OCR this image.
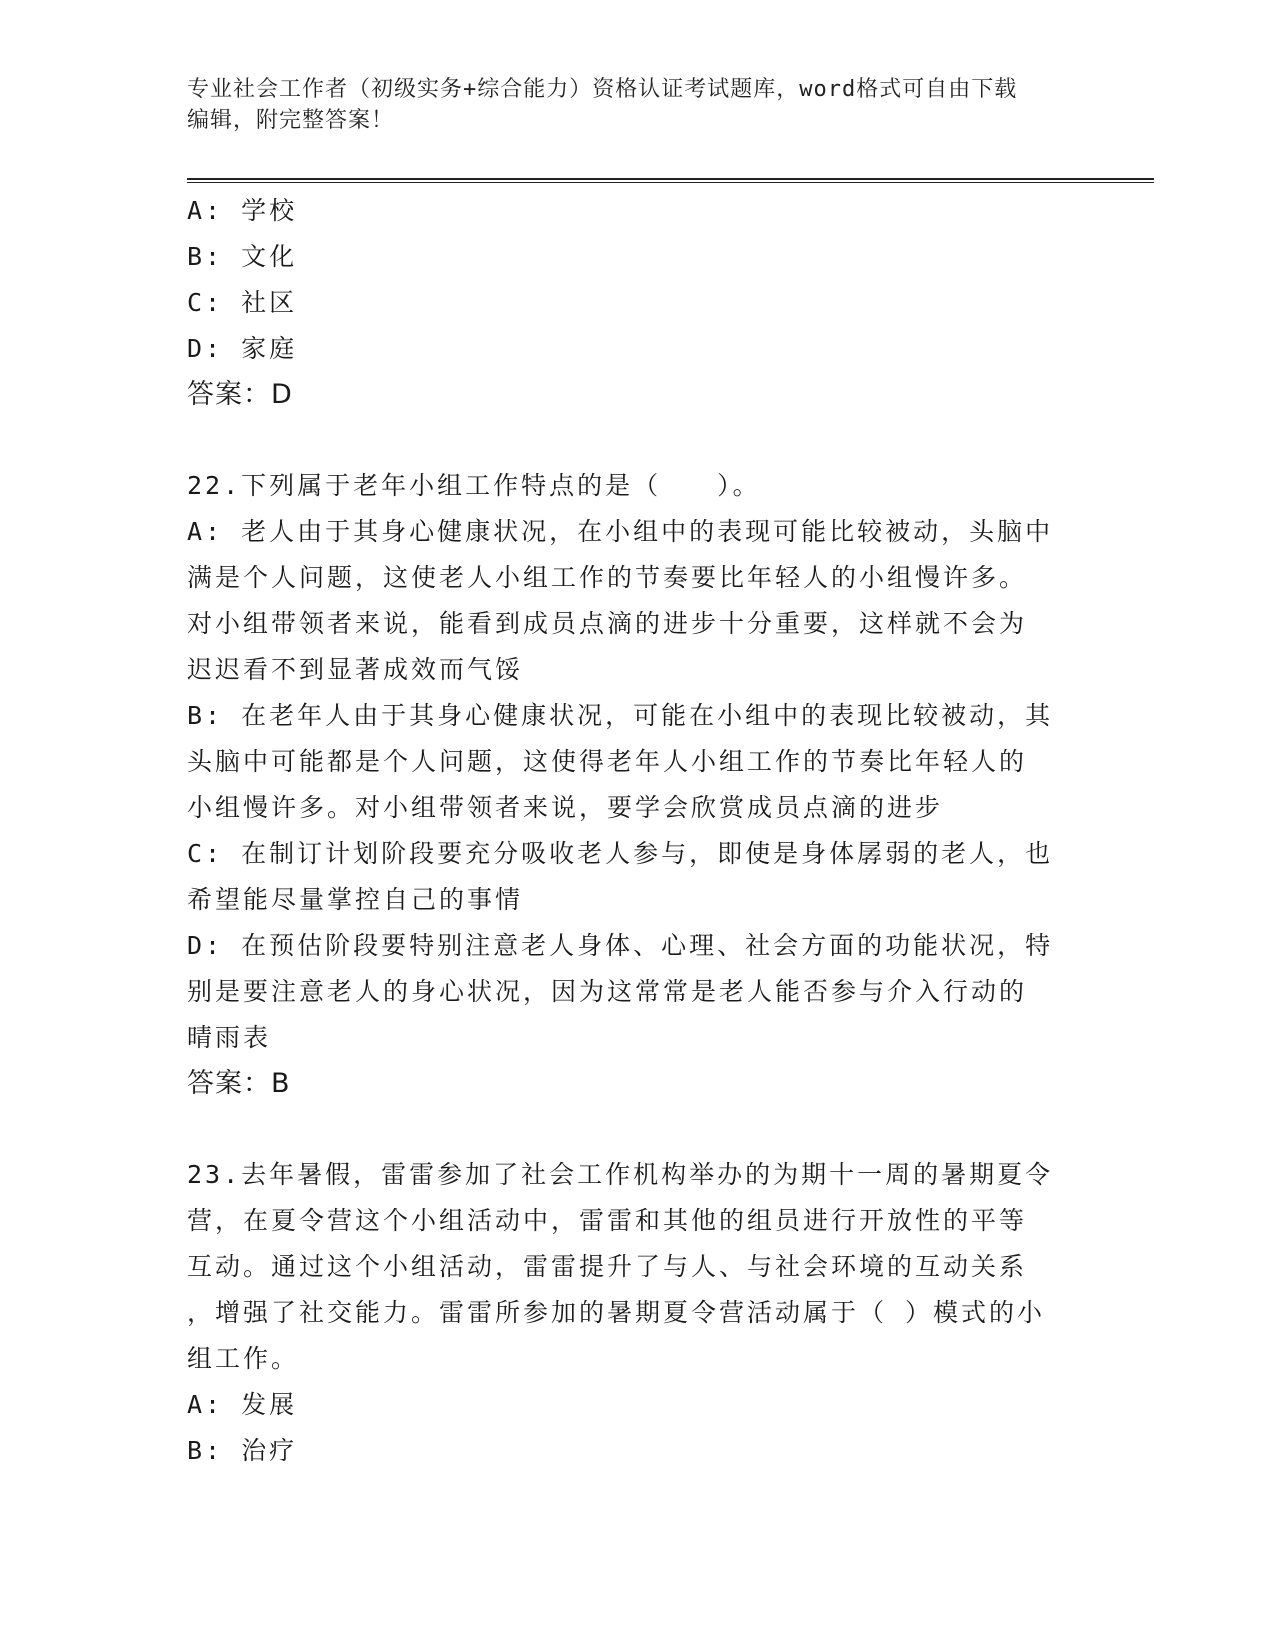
专业社会工作者（初级实务+综合能力）资格认证考试题库，word格式可自由下载
编辑，附完整答案！
A: 学校
B: 文化
C: 社区
D: 家庭
答案：D
22.下列属于老年小组工作特点的是（　　）。
A: 老人由于其身心健康状况，在小组中的表现可能比较被动，头脑中
满是个人问题，这使老人小组工作的节奏要比年轻人的小组慢许多。
对小组带领者来说，能看到成员点滴的进步十分重要，这样就不会为
迟迟看不到显著成效而气馁
B: 在老年人由于其身心健康状况，可能在小组中的表现比较被动，其
头脑中可能都是个人问题，这使得老年人小组工作的节奏比年轻人的
小组慢许多。对小组带领者来说，要学会欣赏成员点滴的进步
C: 在制订计划阶段要充分吸收老人参与，即使是身体孱弱的老人，也
希望能尽量掌控自己的事情
D: 在预估阶段要特别注意老人身体、心理、社会方面的功能状况，特
别是要注意老人的身心状况，因为这常常是老人能否参与介入行动的
晴雨表
答案：B
23.去年暑假，雷雷参加了社会工作机构举办的为期十一周的暑期夏令
营，在夏令营这个小组活动中，雷雷和其他的组员进行开放性的平等
互动。通过这个小组活动，雷雷提升了与人、与社会环境的互动关系
，增强了社交能力。雷雷所参加的暑期夏令营活动属于（ ）模式的小
组工作。
A: 发展
B: 治疗
